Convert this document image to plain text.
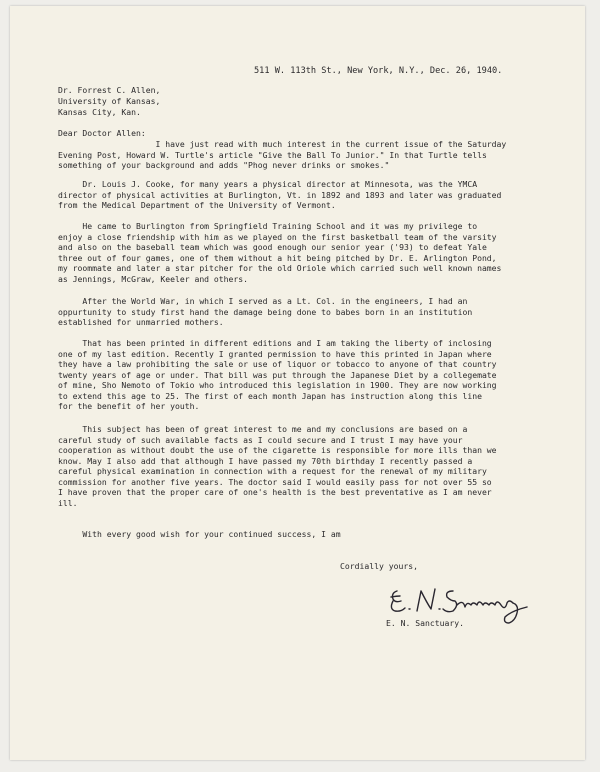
511 W. 113th St., New York, N.Y., Dec. 26, 1940.
Dr. Forrest C. Allen,
University of Kansas,
Kansas City, Kan.
Dear Doctor Allen:
I have just read with much interest in the current issue of the Saturday
Evening Post, Howard W. Turtle's article "Give the Ball To Junior." In that Turtle tells
something of your background and adds "Phog never drinks or smokes."
Dr. Louis J. Cooke, for many years a physical director at Minnesota, was the YMCA
director of physical activities at Burlington, Vt. in 1892 and 1893 and later was graduated
from the Medical Department of the University of Vermont.
He came to Burlington from Springfield Training School and it was my privilege to
enjoy a close friendship with him as we played on the first basketball team of the varsity
and also on the baseball team which was good enough our senior year ('93) to defeat Yale
three out of four games, one of them without a hit being pitched by Dr. E. Arlington Pond,
my roommate and later a star pitcher for the old Oriole which carried such well known names
as Jennings, McGraw, Keeler and others.
After the World War, in which I served as a Lt. Col. in the engineers, I had an
oppurtunity to study first hand the damage being done to babes born in an institution
established for unmarried mothers.
That has been printed in different editions and I am taking the liberty of inclosing
one of my last edition. Recently I granted permission to have this printed in Japan where
they have a law prohibiting the sale or use of liquor or tobacco to anyone of that country
twenty years of age or under. That bill was put through the Japanese Diet by a collegemate
of mine, Sho Nemoto of Tokio who introduced this legislation in 1900. They are now working
to extend this age to 25. The first of each month Japan has instruction along this line
for the benefit of her youth.
This subject has been of great interest to me and my conclusions are based on a
careful study of such available facts as I could secure and I trust I may have your
cooperation as without doubt the use of the cigarette is responsible for more ills than we
know. May I also add that although I have passed my 70th birthday I recently passed a
careful physical examination in connection with a request for the renewal of my military
commission for another five years. The doctor said I would easily pass for not over 55 so
I have proven that the proper care of one's health is the best preventative as I am never
ill.
With every good wish for your continued success, I am
Cordially yours,
E. N. Sanctuary.
